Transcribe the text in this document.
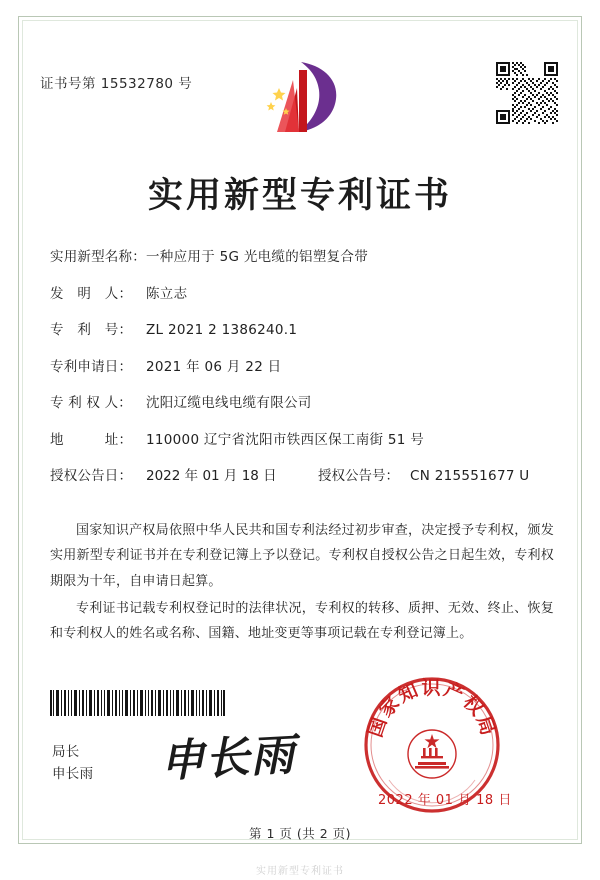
证书号第 15532780 号
实用新型专利证书
实用新型名称： 一种应用于 5G 光电缆的铝塑复合带
发　明　人：	陈立志
专　利　号：	ZL 2021 2 1386240.1
专利申请日：	2021 年 06 月 22 日
专 利 权 人：	沈阳辽缆电线电缆有限公司
地　　　址：	110000 辽宁省沈阳市铁西区保工南街 51 号
授权公告日：	2022 年 01 月 18 日	授权公告号： CN 215551677 U

国家知识产权局依照中华人民共和国专利法经过初步审查，决定授予专利权，颁发实用新型专利证书并在专利登记簿上予以登记。专利权自授权公告之日起生效，专利权期限为十年，自申请日起算。

专利证书记载专利权登记时的法律状况，专利权的转移、质押、无效、终止、恢复和专利权人的姓名或名称、国籍、地址变更等事项记载在专利登记簿上。

局长
申长雨 申长雨
国家知识产权局
2022 年 01 月 18 日
第 1 页 (共 2 页)
实用新型专利证书
